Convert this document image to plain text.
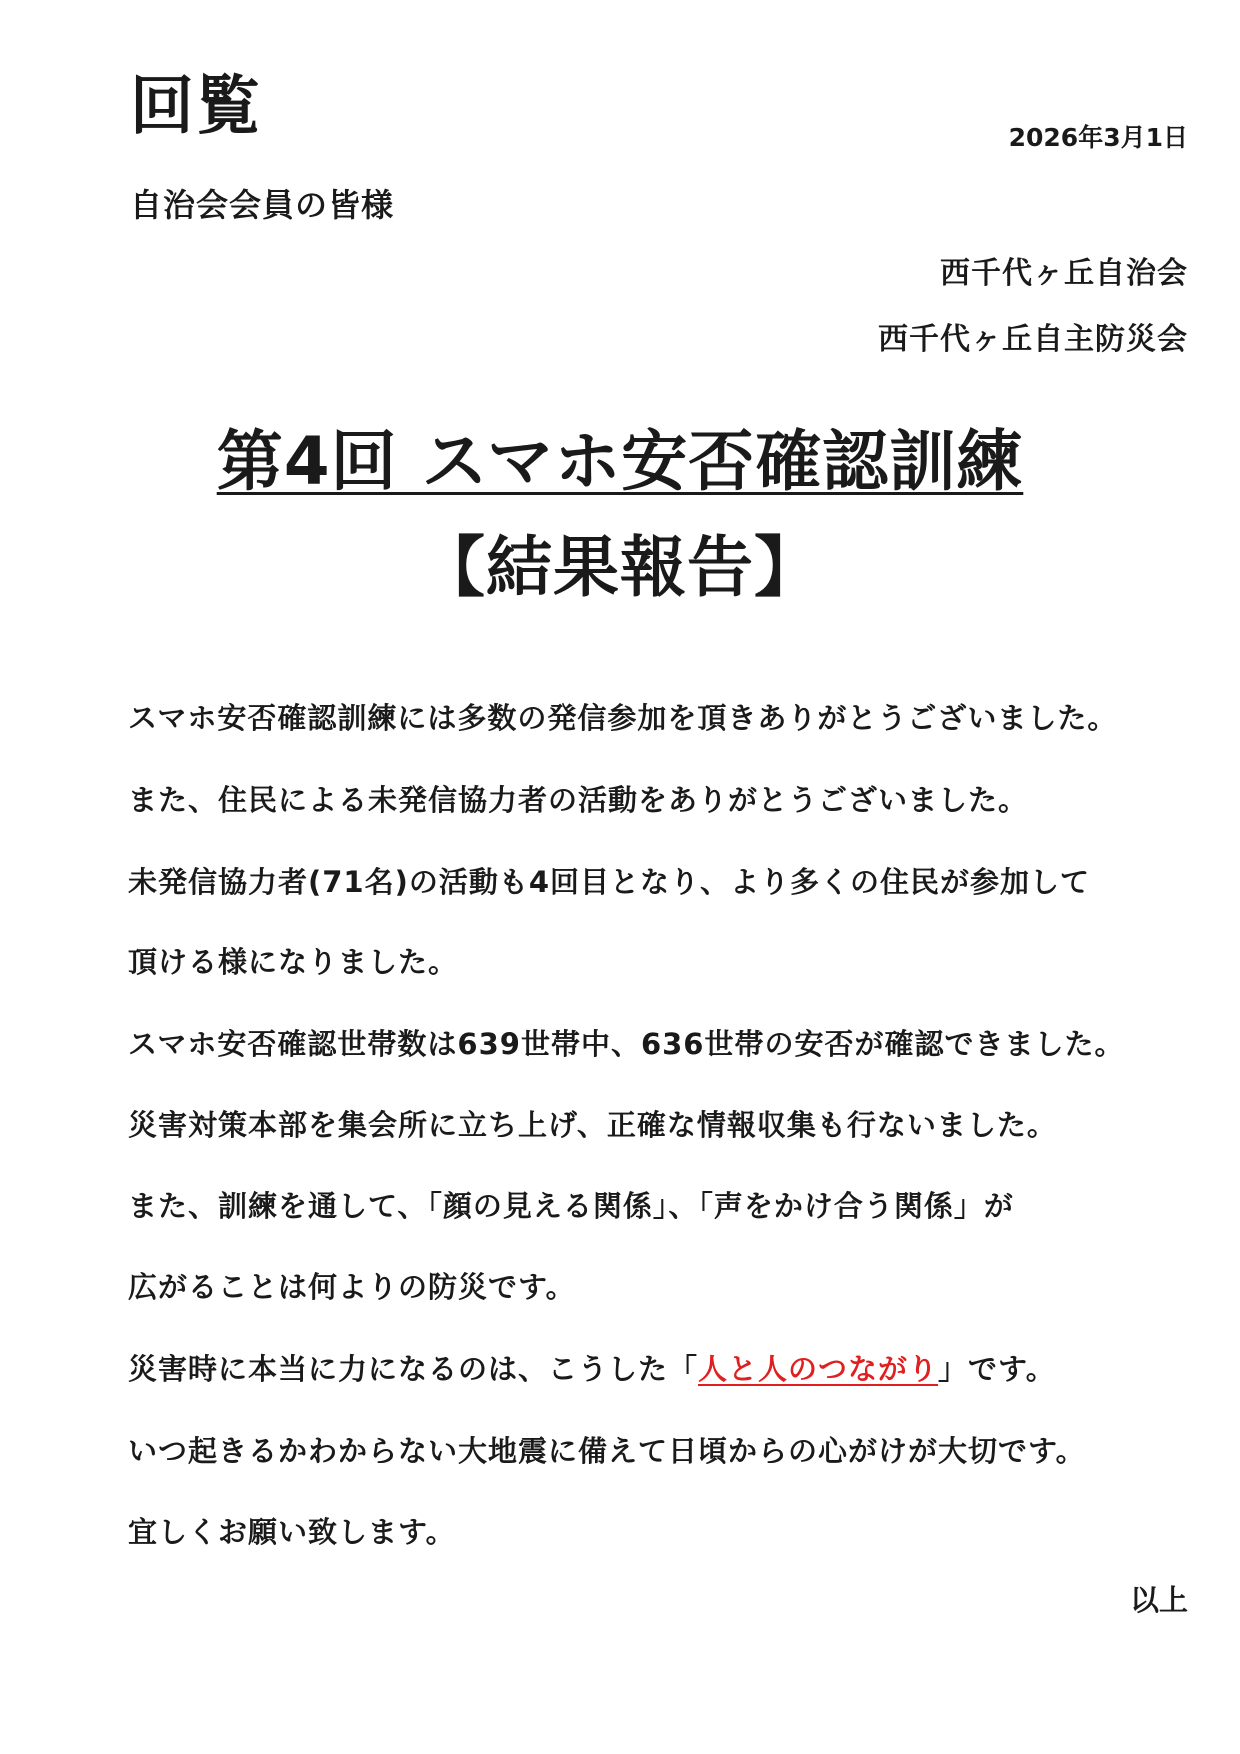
回覧	2026年3月1日
自治会会員の皆様
西千代ヶ丘自治会
西千代ヶ丘自主防災会
第4回 スマホ安否確認訓練
【結果報告】
スマホ安否確認訓練には多数の発信参加を頂きありがとうございました。
また、住民による未発信協力者の活動をありがとうございました。
未発信協力者(71名)の活動も4回目となり、より多くの住民が参加して
頂ける様になりました。
スマホ安否確認世帯数は639世帯中、636世帯の安否が確認できました。
災害対策本部を集会所に立ち上げ、正確な情報収集も行ないました。
また、訓練を通して、「顔の見える関係」、「声をかけ合う関係」が
広がることは何よりの防災です。
災害時に本当に力になるのは、こうした「人と人のつながり」です。
いつ起きるかわからない大地震に備えて日頃からの心がけが大切です。
宜しくお願い致します。
以上
